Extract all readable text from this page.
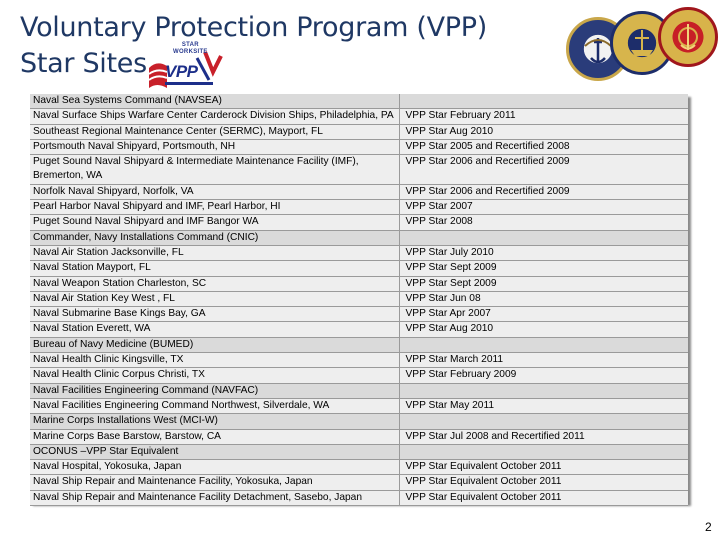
Voluntary Protection Program (VPP)
Star Sites
STAR
WORKSITE
VPP
Naval Sea Systems Command (NAVSEA)	
Naval Surface Ships Warfare Center Carderock Division Ships, Philadelphia, PA	VPP Star February 2011
Southeast Regional Maintenance Center (SERMC), Mayport, FL	VPP Star Aug 2010
Portsmouth Naval Shipyard, Portsmouth, NH	VPP Star 2005 and Recertified 2008
Puget Sound Naval Shipyard & Intermediate Maintenance Facility (IMF), Bremerton, WA	VPP Star 2006 and Recertified 2009
Norfolk Naval Shipyard, Norfolk, VA	VPP Star 2006 and Recertified 2009
Pearl Harbor Naval Shipyard and IMF, Pearl Harbor, HI	VPP Star 2007
Puget Sound Naval Shipyard and IMF Bangor WA	VPP Star 2008
Commander, Navy Installations Command (CNIC)	
Naval Air Station Jacksonville, FL	VPP Star July 2010
Naval Station Mayport, FL	VPP Star Sept 2009
Naval Weapon Station Charleston, SC	VPP Star Sept 2009
Naval Air Station Key West , FL	VPP Star Jun 08
Naval Submarine Base Kings Bay, GA	VPP Star Apr 2007
Naval Station Everett, WA	VPP Star Aug 2010
Bureau of Navy Medicine (BUMED)	
Naval Health Clinic Kingsville, TX	VPP Star March 2011
Naval Health Clinic Corpus Christi, TX	VPP Star February 2009
Naval Facilities Engineering Command (NAVFAC)	
Naval Facilities Engineering Command Northwest, Silverdale, WA	VPP Star May 2011
Marine Corps Installations West (MCI-W)	
Marine Corps Base Barstow, Barstow, CA	VPP Star Jul 2008 and Recertified 2011
OCONUS –VPP Star Equivalent	
Naval Hospital, Yokosuka, Japan	VPP Star Equivalent October 2011
Naval Ship Repair and Maintenance Facility, Yokosuka, Japan	VPP Star Equivalent October 2011
Naval Ship Repair and Maintenance Facility Detachment, Sasebo, Japan	VPP Star Equivalent October 2011
2
